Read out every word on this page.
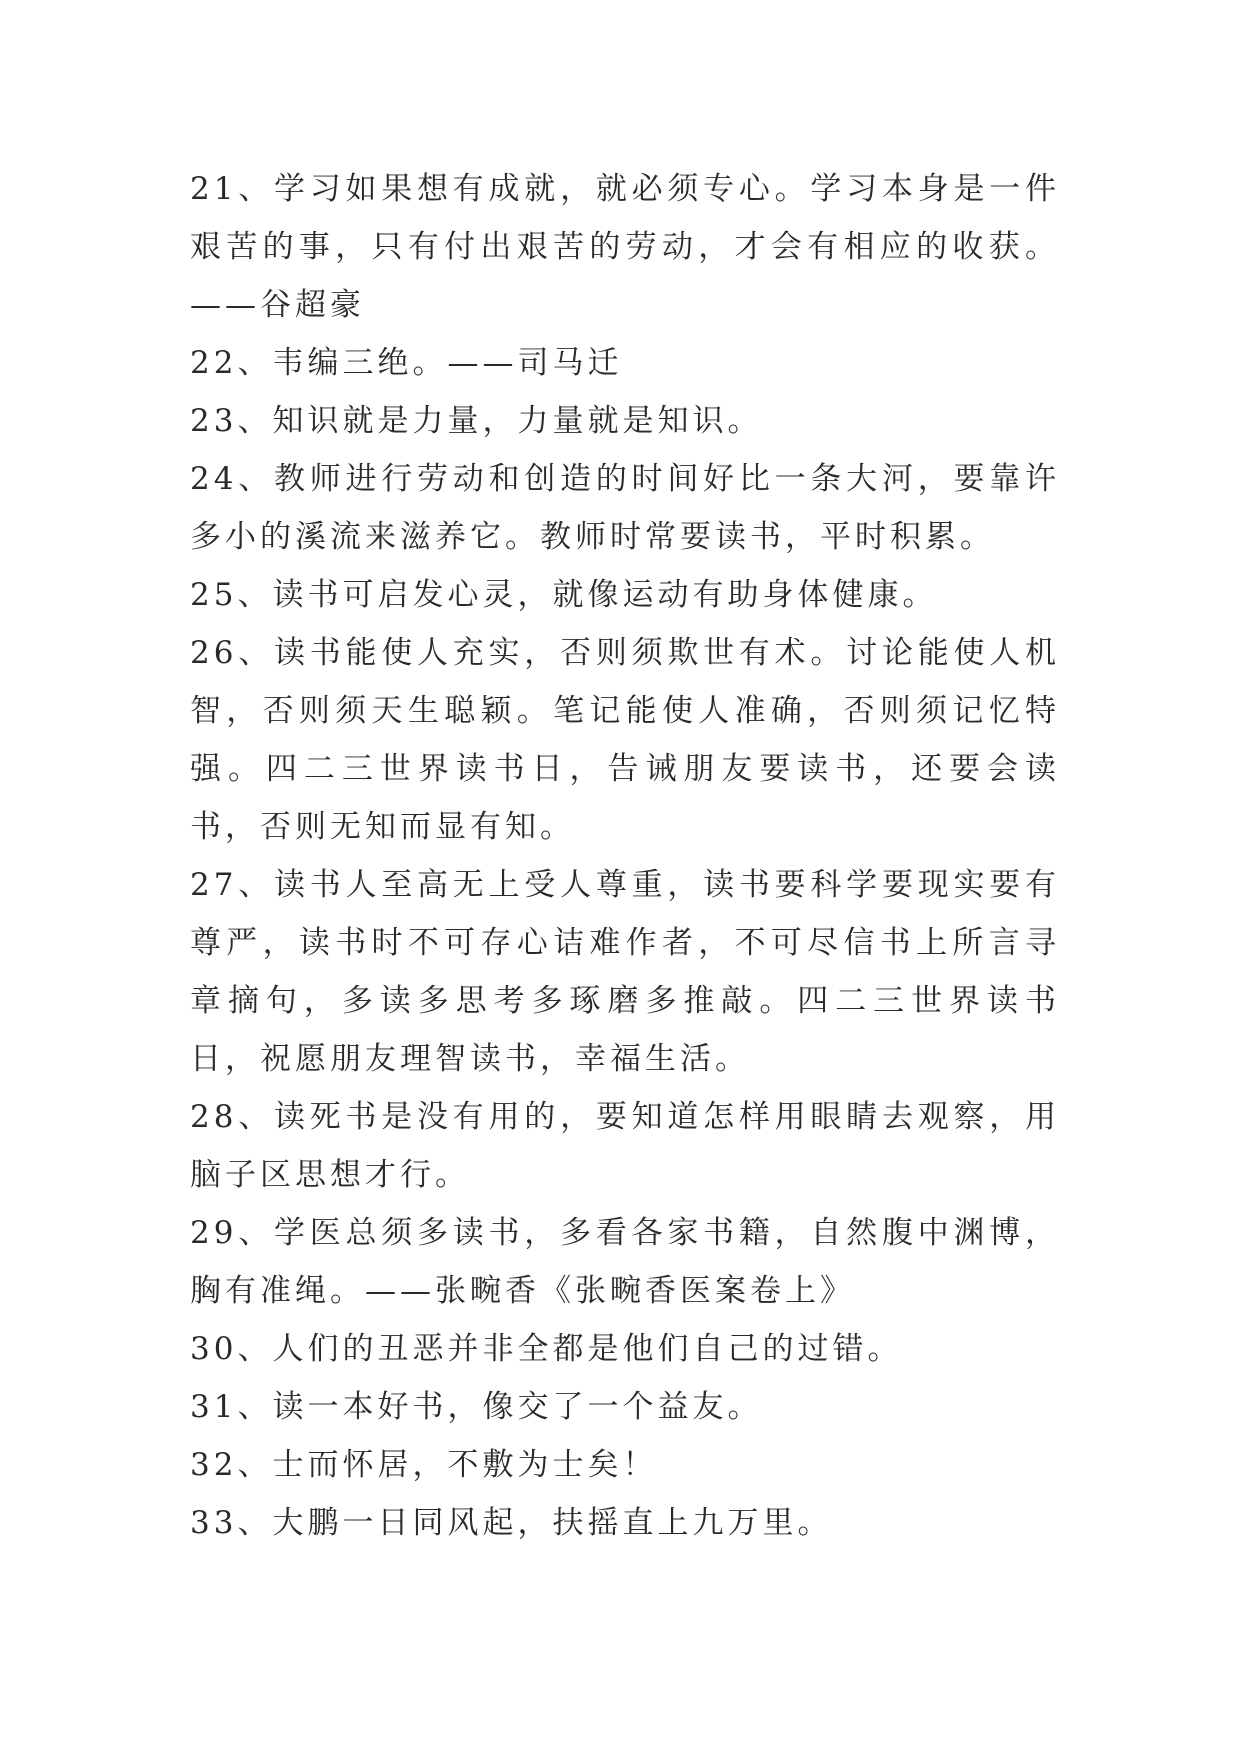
21、学习如果想有成就，就必须专心。学习本身是一件艰苦的事，只有付出艰苦的劳动，才会有相应的收获。——谷超豪

22、韦编三绝。——司马迁

23、知识就是力量，力量就是知识。

24、教师进行劳动和创造的时间好比一条大河，要靠许多小的溪流来滋养它。教师时常要读书，平时积累。

25、读书可启发心灵，就像运动有助身体健康。

26、读书能使人充实，否则须欺世有术。讨论能使人机智，否则须天生聪颖。笔记能使人准确，否则须记忆特强。四二三世界读书日，告诫朋友要读书，还要会读书，否则无知而显有知。

27、读书人至高无上受人尊重，读书要科学要现实要有尊严，读书时不可存心诘难作者，不可尽信书上所言寻章摘句，多读多思考多琢磨多推敲。四二三世界读书日，祝愿朋友理智读书，幸福生活。

28、读死书是没有用的，要知道怎样用眼睛去观察，用脑子区思想才行。

29、学医总须多读书，多看各家书籍，自然腹中渊博，胸有准绳。——张畹香《张畹香医案卷上》

30、人们的丑恶并非全都是他们自己的过错。

31、读一本好书，像交了一个益友。

32、士而怀居，不敷为士矣！

33、大鹏一日同风起，扶摇直上九万里。
